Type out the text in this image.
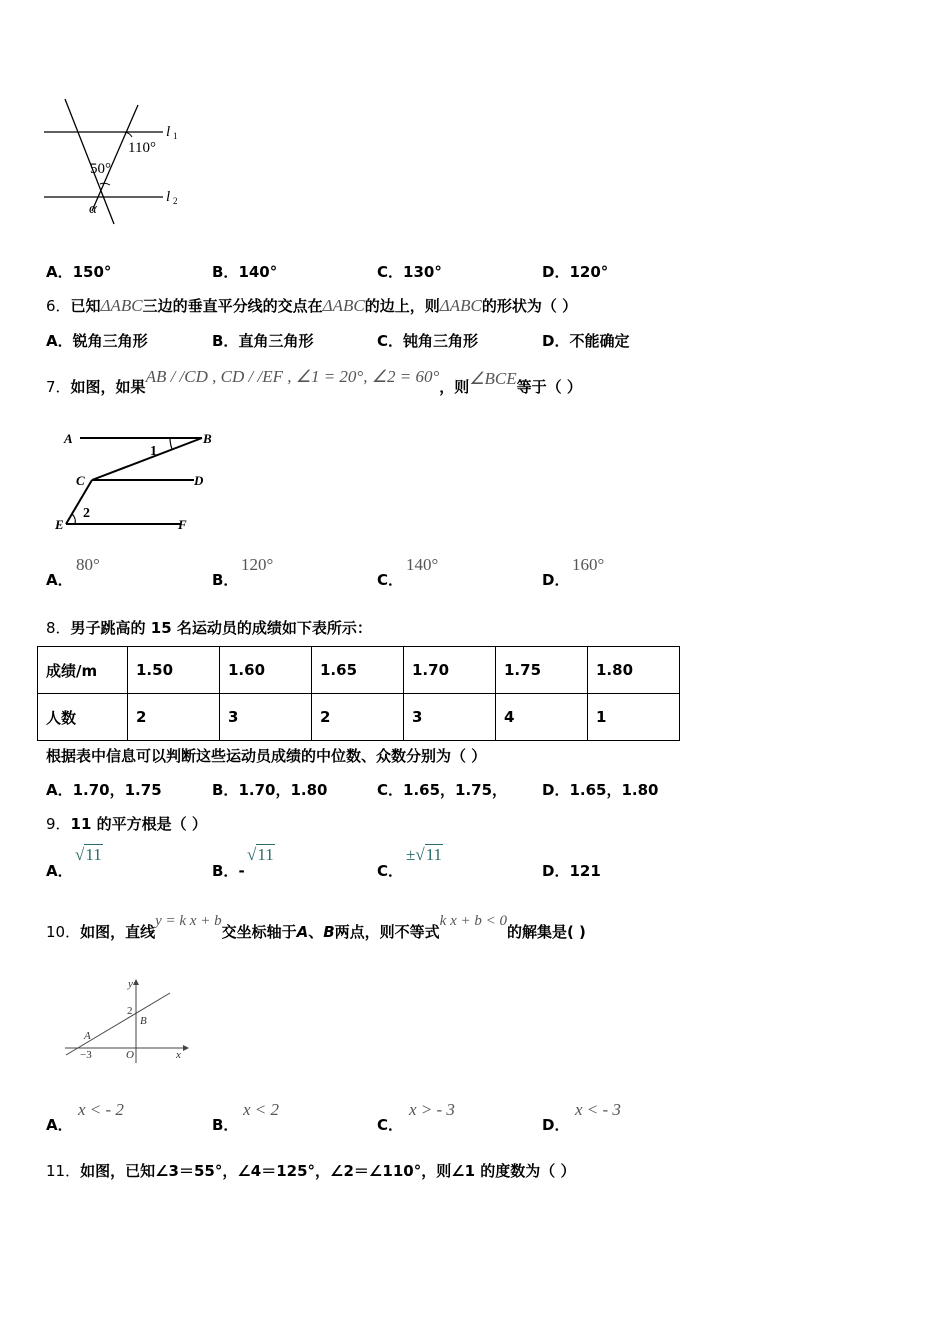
l 1
l 2
110°
50°
α
A．150°	B．140°	C．130°	D．120°
6．已知ΔABC三边的垂直平分线的交点在ΔABC的边上，则ΔABC的形状为（ ）
A．锐角三角形	B．直角三角形	C．钝角三角形	D．不能确定
7．如图，如果AB / /CD , CD / /EF , ∠1 = 20°, ∠2 = 60°，则∠BCE等于（ ）
A	B
1
C	D
2
E	F
A．
80°
B．
120°
C．
140°
D．
160°
8．男子跳高的 15 名运动员的成绩如下表所示：
成绩/m	1.50	1.60	1.65	1.70	1.75	1.80
人数	2	3	2	3	4	1
根据表中信息可以判断这些运动员成绩的中位数、众数分别为（ ）
A．1.70，1.75	B．1.70，1.80	C．1.65，1.75， D．1.65，1.80
9．11 的平方根是（ ）
A．
√11
B．-
√11
C．
±√11
D．121
10．如图，直线y = k x + b交坐标轴于A、B两点，则不等式k x + b < 0的解集是( )
y
x
2
B
A
−3	O
A．
x < - 2
B．
x < 2
C．
x > - 3
D．
x < - 3
11．如图，已知∠3＝55°，∠4＝125°，∠2＝∠110°，则∠1 的度数为（ ）
